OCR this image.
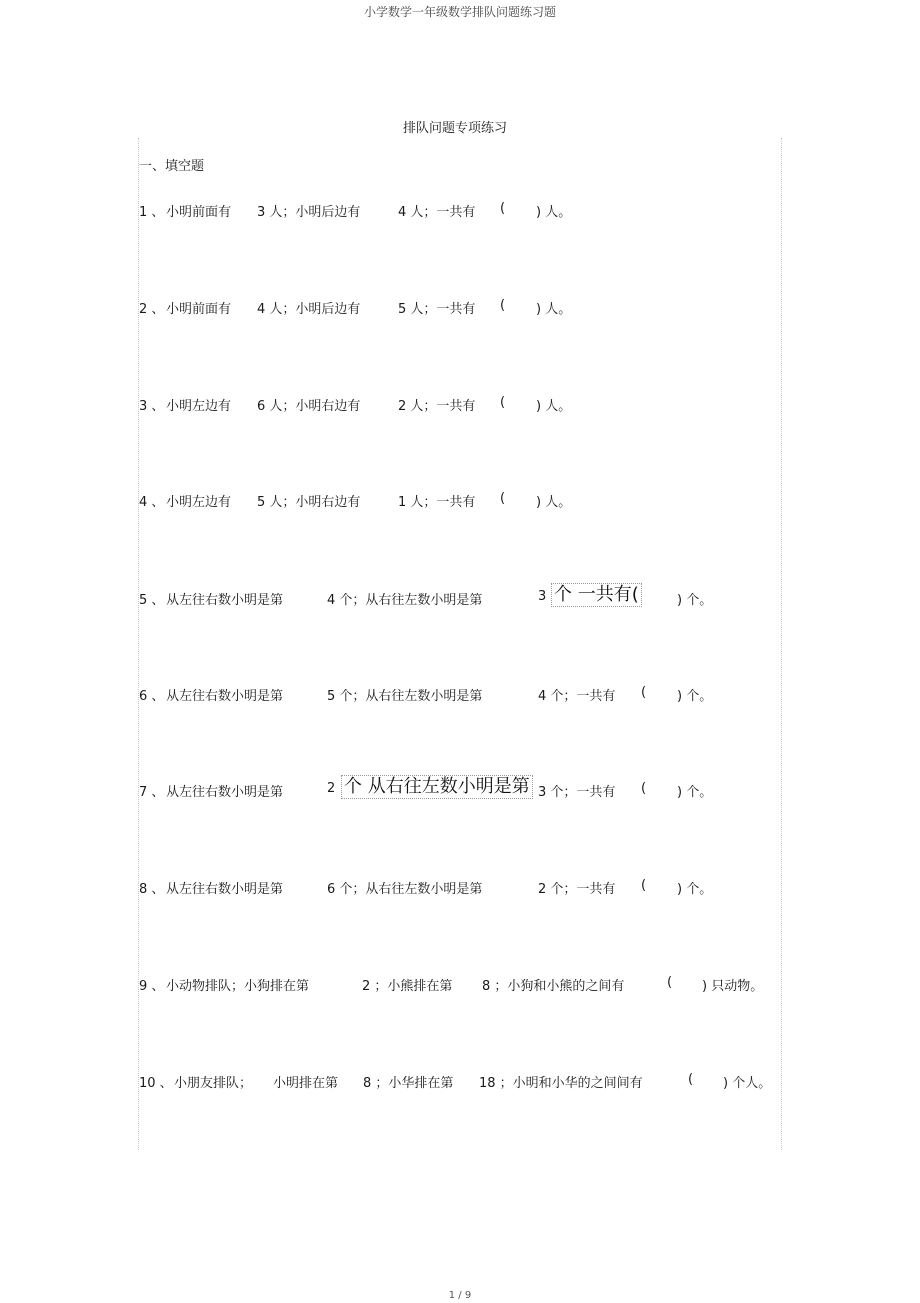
小学数学一年级数学排队问题练习题
排队问题专项练习
一、填空题
1 、 小明前面有 3 人；小明后边有	4 人；一共有 ( ) 人。
2 、 小明前面有 4 人；小明后边有	5 人；一共有 ( ) 人。
3 、 小明左边有 6 人；小明右边有	2 人；一共有 ( ) 人。
4 、 小明左边有 5 人；小明右边有	1 人；一共有 ( ) 人。
5 、 从左往右数小明是第	4 个；从右往左数小明是第	3 个 一共有(	) 个。
6 、 从左往右数小明是第	5 个；从右往左数小明是第	4 个；一共有 ( ) 个。
7 、 从左往右数小明是第	2 个 从右往左数小明是第 3 个；一共有 ( ) 个。
8 、 从左往右数小明是第	6 个；从右往左数小明是第	2 个；一共有 ( ) 个。
9 、 小动物排队；小狗排在第	2 ；小熊排在第 8 ；小狗和小熊的之间有	( ) 只动物。
10 、 小朋友排队； 小明排在第 8 ；小华排在第 18 ；小明和小华的之间间有	( ) 个人。
1 / 9
